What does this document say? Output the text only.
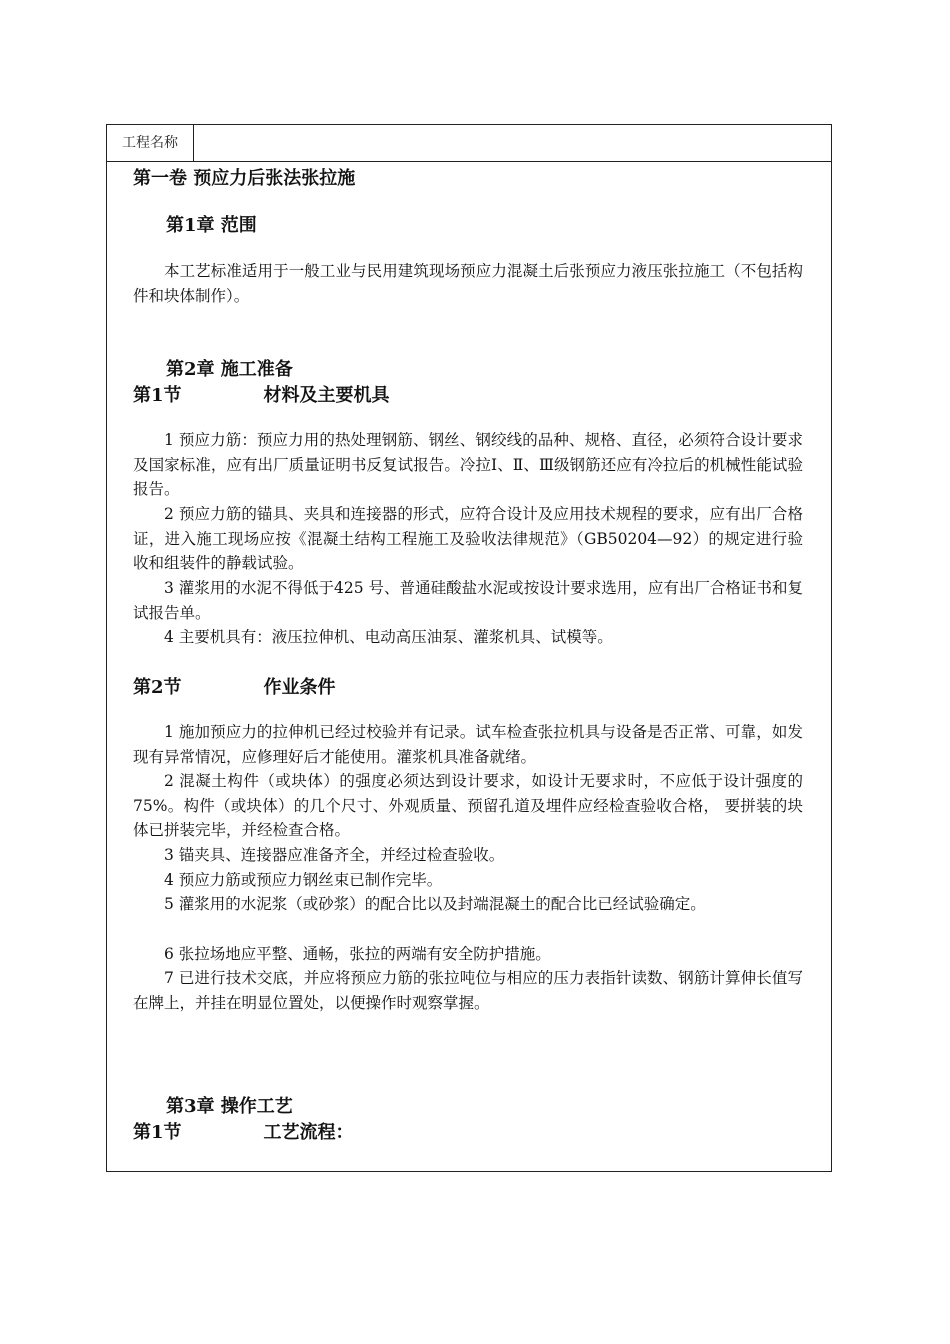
工程名称
第一卷 预应力后张法张拉施
第1章 范围
本工艺标准适用于一般工业与民用建筑现场预应力混凝土后张预应力液压张拉施工（不包括构件和块体制作）。
第2章 施工准备
第1节	材料及主要机具
1 预应力筋：预应力用的热处理钢筋、钢丝、钢绞线的品种、规格、直径，必须符合设计要求及国家标准，应有出厂质量证明书反复试报告。冷拉Ⅰ、Ⅱ、Ⅲ级钢筋还应有冷拉后的机械性能试验报告。
2 预应力筋的锚具、夹具和连接器的形式，应符合设计及应用技术规程的要求，应有出厂合格证，进入施工现场应按《混凝土结构工程施工及验收法律规范》（GB50204—92）的规定进行验收和组装件的静载试验。
3 灌浆用的水泥不得低于425 号、普通硅酸盐水泥或按设计要求选用，应有出厂合格证书和复试报告单。
4 主要机具有：液压拉伸机、电动高压油泵、灌浆机具、试模等。
第2节	作业条件
1 施加预应力的拉伸机已经过校验并有记录。试车检查张拉机具与设备是否正常、可靠，如发现有异常情况，应修理好后才能使用。灌浆机具准备就绪。
2 混凝土构件（或块体）的强度必须达到设计要求，如设计无要求时，不应低于设计强度的75%。构件（或块体）的几个尺寸、外观质量、预留孔道及埋件应经检查验收合格， 要拼装的块体已拼装完毕，并经检查合格。
3 锚夹具、连接器应准备齐全，并经过检查验收。
4 预应力筋或预应力钢丝束已制作完毕。
5 灌浆用的水泥浆（或砂浆）的配合比以及封端混凝土的配合比已经试验确定。
6 张拉场地应平整、通畅，张拉的两端有安全防护措施。
7 已进行技术交底，并应将预应力筋的张拉吨位与相应的压力表指针读数、钢筋计算伸长值写在牌上，并挂在明显位置处，以便操作时观察掌握。
第3章 操作工艺
第1节	工艺流程：
